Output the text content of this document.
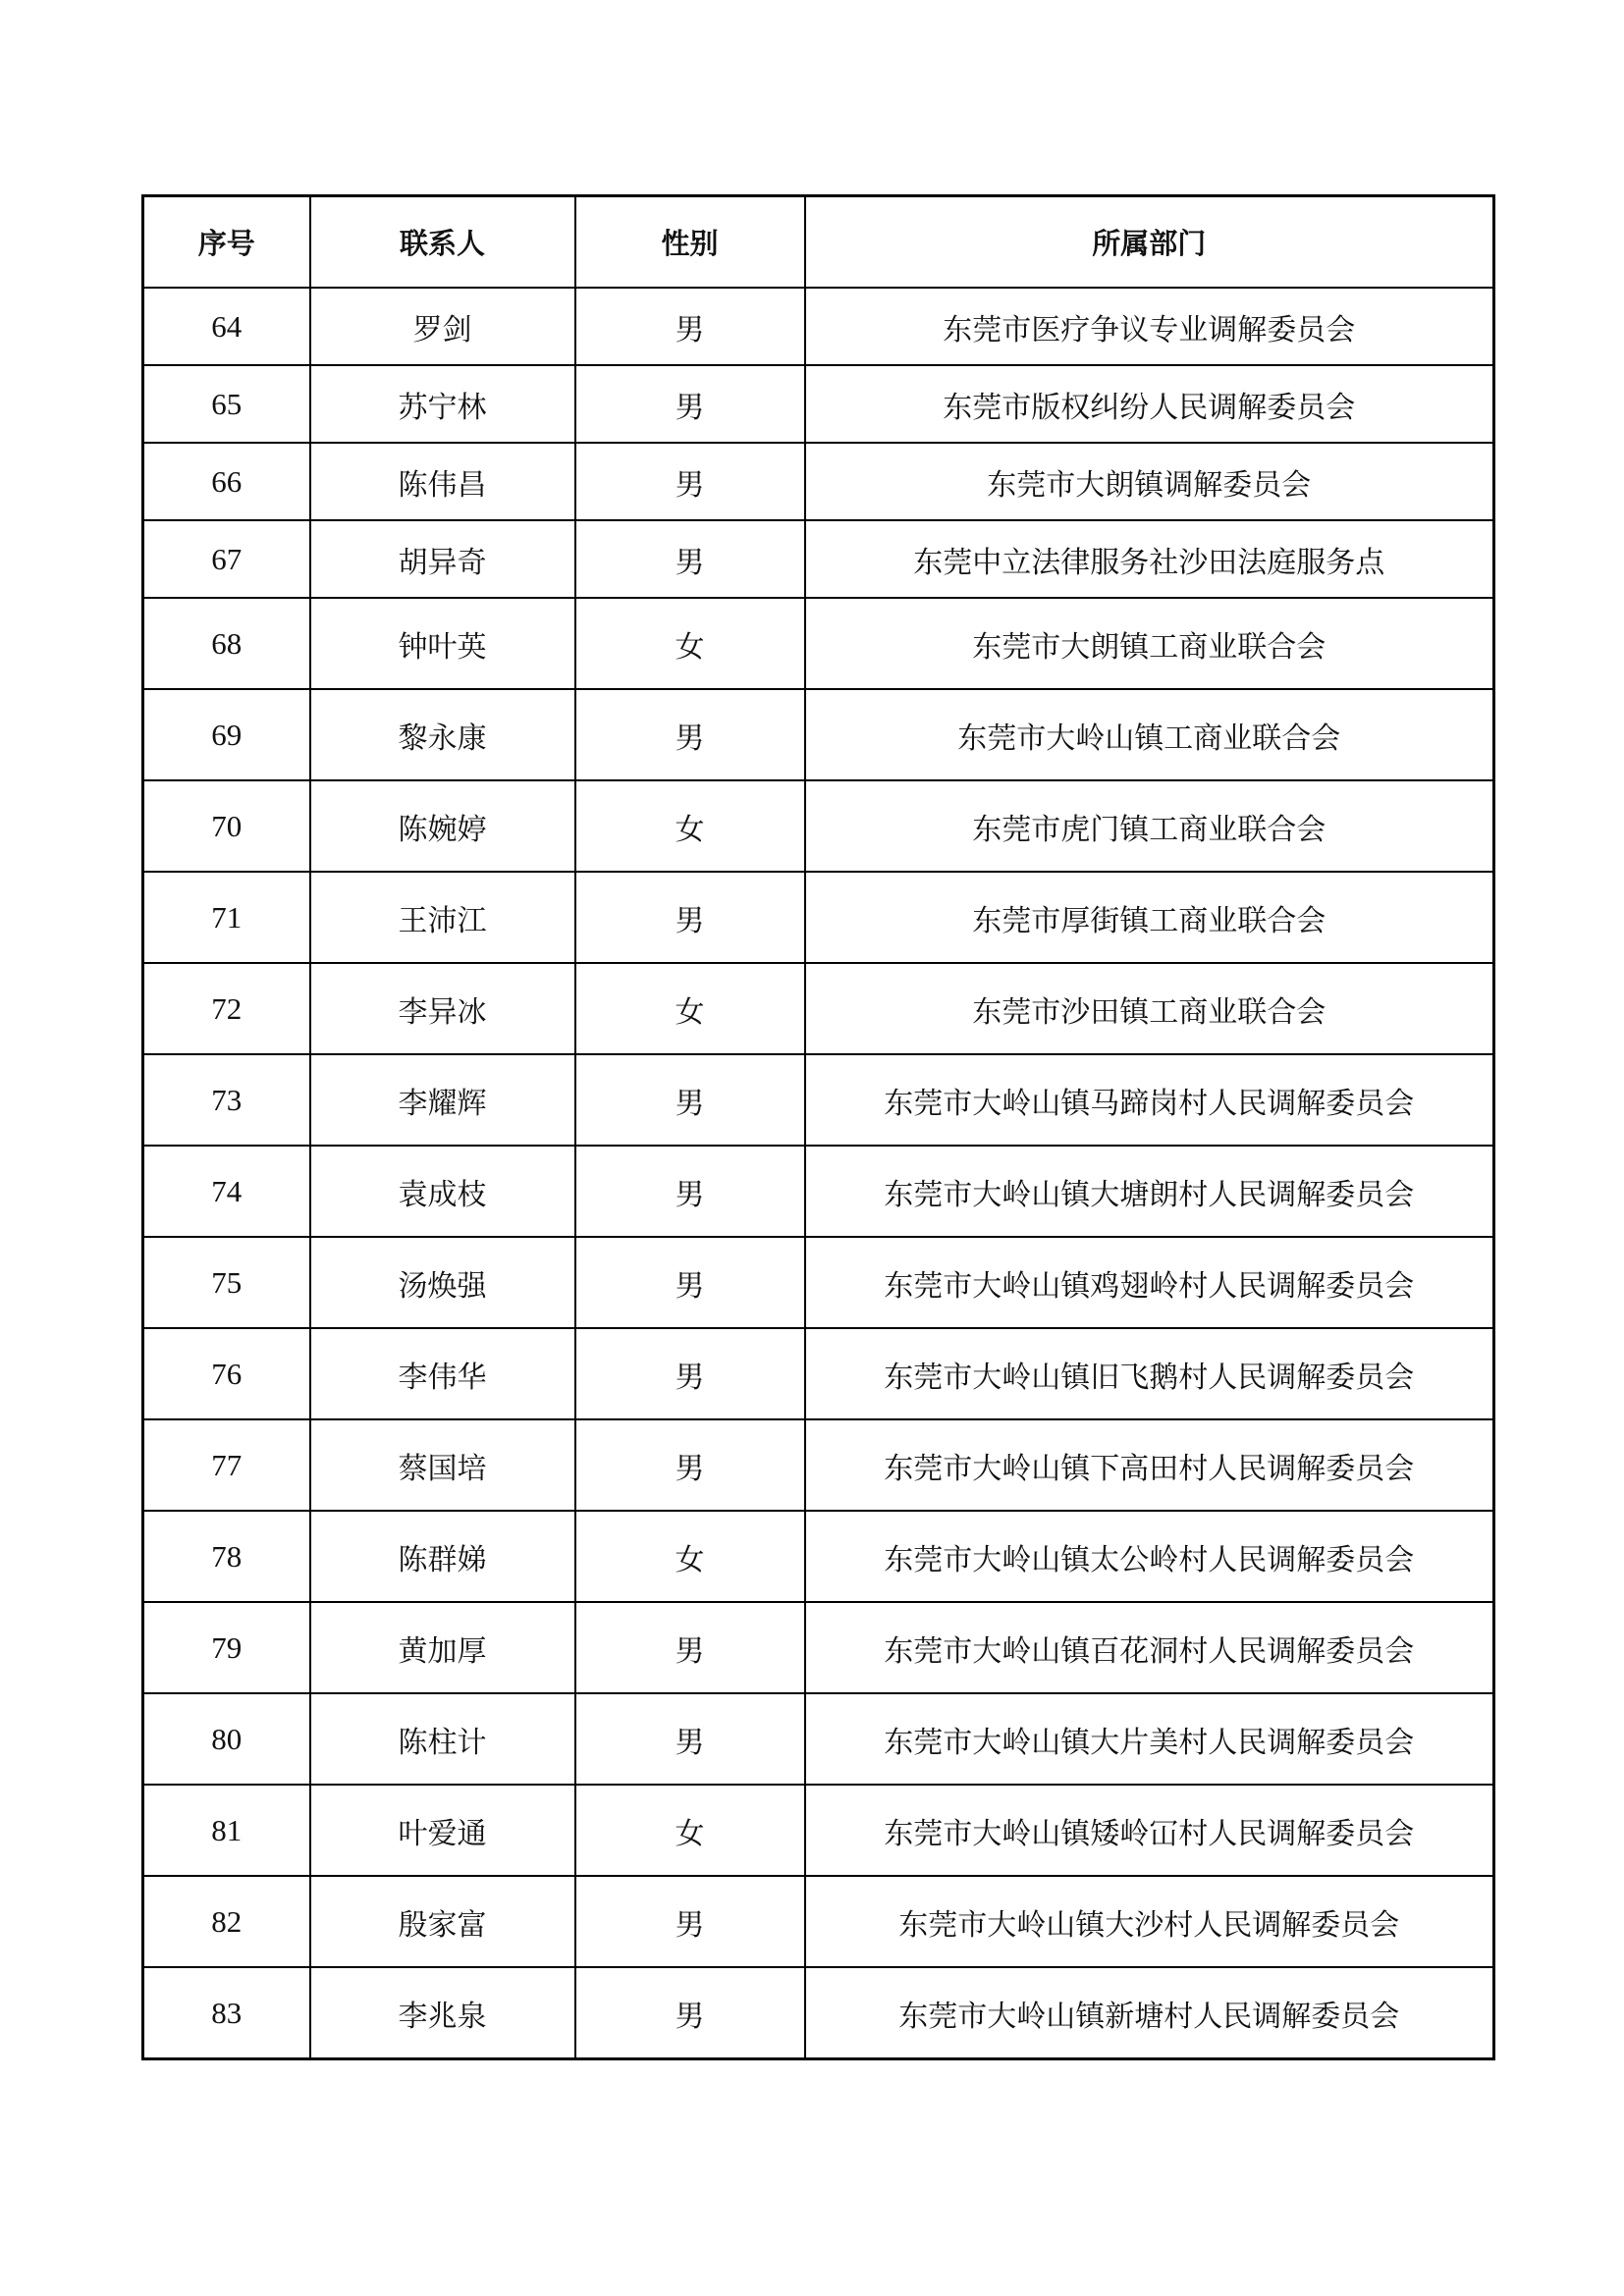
序号	联系人	性别	所属部门
64	罗剑	男	东莞市医疗争议专业调解委员会
65	苏宁林	男	东莞市版权纠纷人民调解委员会
66	陈伟昌	男	东莞市大朗镇调解委员会
67	胡异奇	男	东莞中立法律服务社沙田法庭服务点
68	钟叶英	女	东莞市大朗镇工商业联合会
69	黎永康	男	东莞市大岭山镇工商业联合会
70	陈婉婷	女	东莞市虎门镇工商业联合会
71	王沛江	男	东莞市厚街镇工商业联合会
72	李异冰	女	东莞市沙田镇工商业联合会
73	李耀辉	男	东莞市大岭山镇马蹄岗村人民调解委员会
74	袁成枝	男	东莞市大岭山镇大塘朗村人民调解委员会
75	汤焕强	男	东莞市大岭山镇鸡翅岭村人民调解委员会
76	李伟华	男	东莞市大岭山镇旧飞鹅村人民调解委员会
77	蔡国培	男	东莞市大岭山镇下高田村人民调解委员会
78	陈群娣	女	东莞市大岭山镇太公岭村人民调解委员会
79	黄加厚	男	东莞市大岭山镇百花洞村人民调解委员会
80	陈柱计	男	东莞市大岭山镇大片美村人民调解委员会
81	叶爱通	女	东莞市大岭山镇矮岭冚村人民调解委员会
82	殷家富	男	东莞市大岭山镇大沙村人民调解委员会
83	李兆泉	男	东莞市大岭山镇新塘村人民调解委员会
